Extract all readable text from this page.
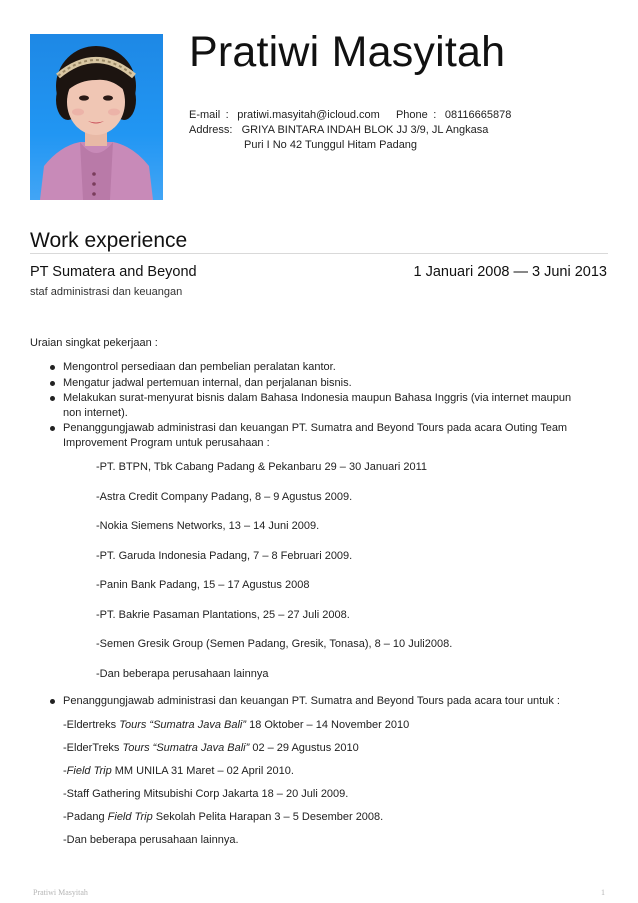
Pratiwi Masyitah
E-mail : pratiwi.masyitah@icloud.com Phone : 08116665878
Address: GRIYA BINTARA INDAH BLOK JJ 3/9, JL Angkasa
Puri I No 42 Tunggul Hitam Padang
Work experience
PT Sumatera and Beyond	1 Januari 2008 — 3 Juni 2013
staf administrasi dan keuangan
Uraian singkat pekerjaan :
Mengontrol persediaan dan pembelian peralatan kantor.
Mengatur jadwal pertemuan internal, dan perjalanan bisnis.
Melakukan surat-menyurat bisnis dalam Bahasa Indonesia maupun Bahasa Inggris (via internet maupun non internet).
Penanggungjawab administrasi dan keuangan PT. Sumatra and Beyond Tours pada acara Outing Team Improvement Program untuk perusahaan :
-PT. BTPN, Tbk Cabang Padang & Pekanbaru 29 – 30 Januari 2011
-Astra Credit Company Padang, 8 – 9 Agustus 2009.
-Nokia Siemens Networks, 13 – 14 Juni 2009.
-PT. Garuda Indonesia Padang, 7 – 8 Februari 2009.
-Panin Bank Padang, 15 – 17 Agustus 2008
-PT. Bakrie Pasaman Plantations, 25 – 27 Juli 2008.
-Semen Gresik Group (Semen Padang, Gresik, Tonasa), 8 – 10 Juli2008.
-Dan beberapa perusahaan lainnya
Penanggungjawab administrasi dan keuangan PT. Sumatra and Beyond Tours pada acara tour untuk :
-Eldertreks Tours “Sumatra Java Bali” 18 Oktober – 14 November 2010
-ElderTreks Tours “Sumatra Java Bali” 02 – 29 Agustus 2010
-Field Trip MM UNILA 31 Maret – 02 April 2010.
-Staff Gathering Mitsubishi Corp Jakarta 18 – 20 Juli 2009.
-Padang Field Trip Sekolah Pelita Harapan 3 – 5 Desember 2008.
-Dan beberapa perusahaan lainnya.
Pratiwi Masyitah	1
